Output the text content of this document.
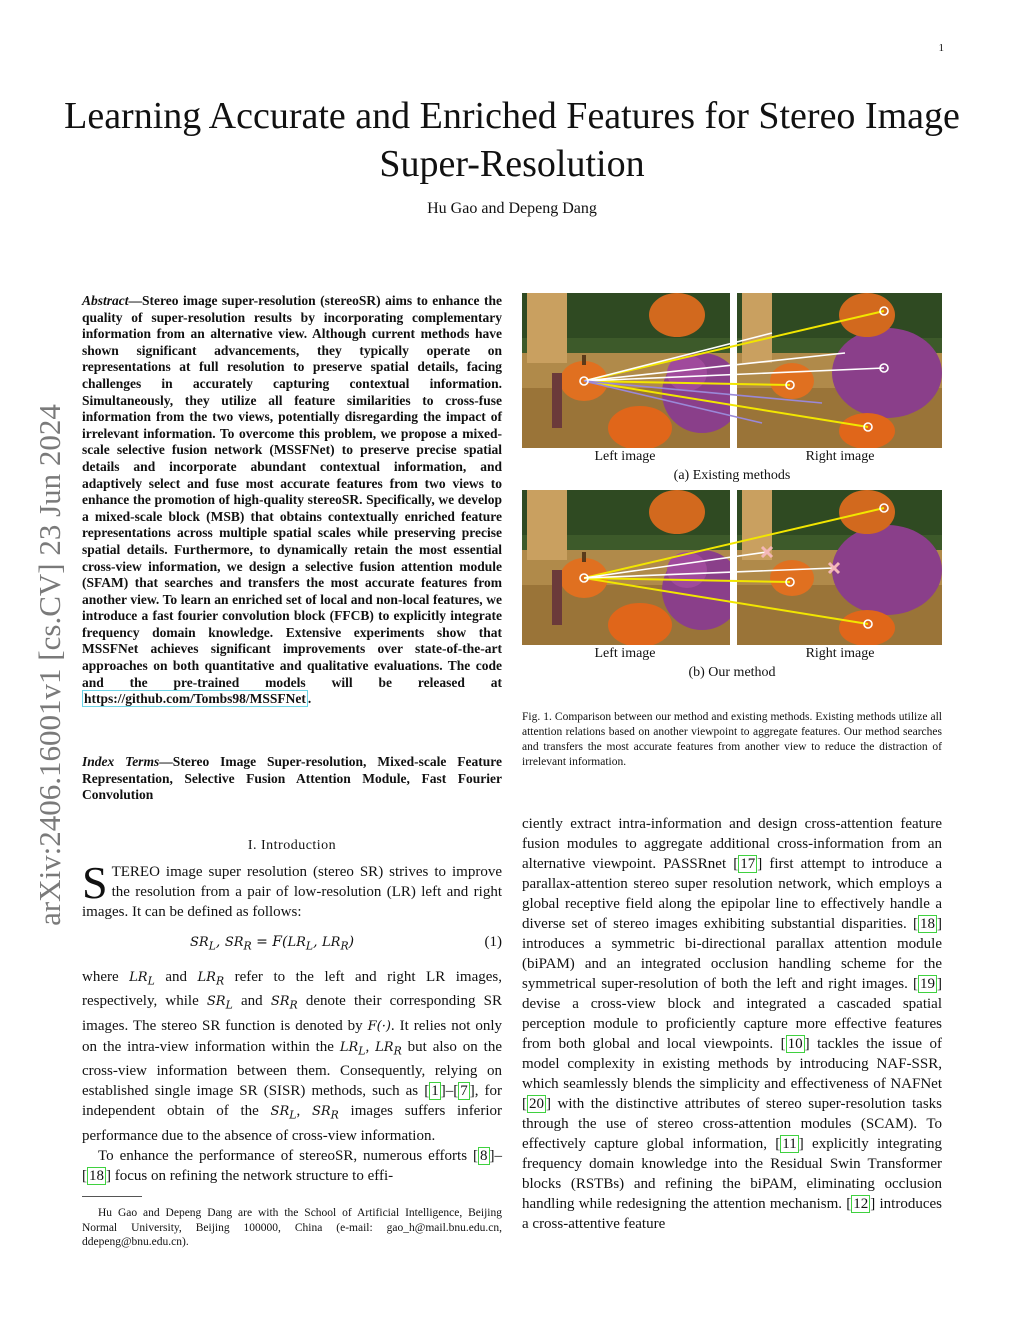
1
Learning Accurate and Enriched Features for Stereo Image Super-Resolution
Hu Gao and Depeng Dang
arXiv:2406.16001v1 [cs.CV] 23 Jun 2024
Abstract—Stereo image super-resolution (stereoSR) aims to enhance the quality of super-resolution results by incorporating complementary information from an alternative view. Although current methods have shown significant advancements, they typically operate on representations at full resolution to preserve spatial details, facing challenges in accurately capturing contextual information. Simultaneously, they utilize all feature similarities to cross-fuse information from the two views, potentially disregarding the impact of irrelevant information. To overcome this problem, we propose a mixed-scale selective fusion network (MSSFNet) to preserve precise spatial details and incorporate abundant contextual information, and adaptively select and fuse most accurate features from two views to enhance the promotion of high-quality stereoSR. Specifically, we develop a mixed-scale block (MSB) that obtains contextually enriched feature representations across multiple spatial scales while preserving precise spatial details. Furthermore, to dynamically retain the most essential cross-view information, we design a selective fusion attention module (SFAM) that searches and transfers the most accurate features from another view. To learn an enriched set of local and non-local features, we introduce a fast fourier convolution block (FFCB) to explicitly integrate frequency domain knowledge. Extensive experiments show that MSSFNet achieves significant improvements over state-of-the-art approaches on both quantitative and qualitative evaluations. The code and the pre-trained models will be released at https://github.com/Tombs98/MSSFNet .
Index Terms—Stereo Image Super-resolution, Mixed-scale Feature Representation, Selective Fusion Attention Module, Fast Fourier Convolution
I. Introduction

STEREO image super resolution (stereo SR) strives to improve the resolution from a pair of low-resolution (LR) left and right images. It can be defined as follows:

$SR_L$, $SR_R = F(LR_L$, $LR_R$)	(1)

where $LR_L$ and $LR_R$ refer to the left and right LR images, respectively, while $SR_L$ and $SR_R$ denote their corresponding SR images. The stereo SR function is denoted by F(·). It relies not only on the intra-view information within the $LR_L$, $LR_R$ but also on the cross-view information between them. Consequently, relying on established single image SR (SISR) methods, such as [ 1 ]–[ 7 ], for independent obtain of the $SR_L$, $SR_R$ images suffers inferior performance due to the absence of cross-view information.

To enhance the performance of stereoSR, numerous efforts [ 8 ]–[ 18 ] focus on refining the network structure to effi-

Hu Gao and Depeng Dang are with the School of Artificial Intelligence, Beijing Normal University, Beijing 100000, China (e-mail: gao_h@mail.bnu.edu.cn, ddepeng@bnu.edu.cn).
Left image	Right image
(a) Existing methods
Left image	Right image
(b) Our method
Fig. 1. Comparison between our method and existing methods. Existing methods utilize all attention relations based on another viewpoint to aggregate features. Our method searches and transfers the most accurate features from another view to reduce the distraction of irrelevant information.
ciently extract intra-information and design cross-attention feature fusion modules to aggregate additional cross-information from an alternative viewpoint. PASSRnet [ 17 ] first attempt to introduce a parallax-attention stereo super resolution network, which employs a global receptive field along the epipolar line to effectively handle a diverse set of stereo images exhibiting substantial disparities. [ 18 ] introduces a symmetric bi-directional parallax attention module (biPAM) and an integrated occlusion handling scheme for the symmetrical super-resolution of both the left and right images. [ 19 ] devise a cross-view block and integrated a cascaded spatial perception module to proficiently capture more effective features from both global and local viewpoints. [ 10 ] tackles the issue of model complexity in existing methods by introducing NAF-SSR, which seamlessly blends the simplicity and effectiveness of NAFNet [ 20 ] with the distinctive attributes of stereo super-resolution tasks through the use of stereo cross-attention modules (SCAM). To effectively capture global information, [ 11 ] explicitly integrating frequency domain knowledge into the Residual Swin Transformer blocks (RSTBs) and refining the biPAM, eliminating occlusion handling while redesigning the attention mechanism. [ 12 ] introduces a cross-attentive feature
